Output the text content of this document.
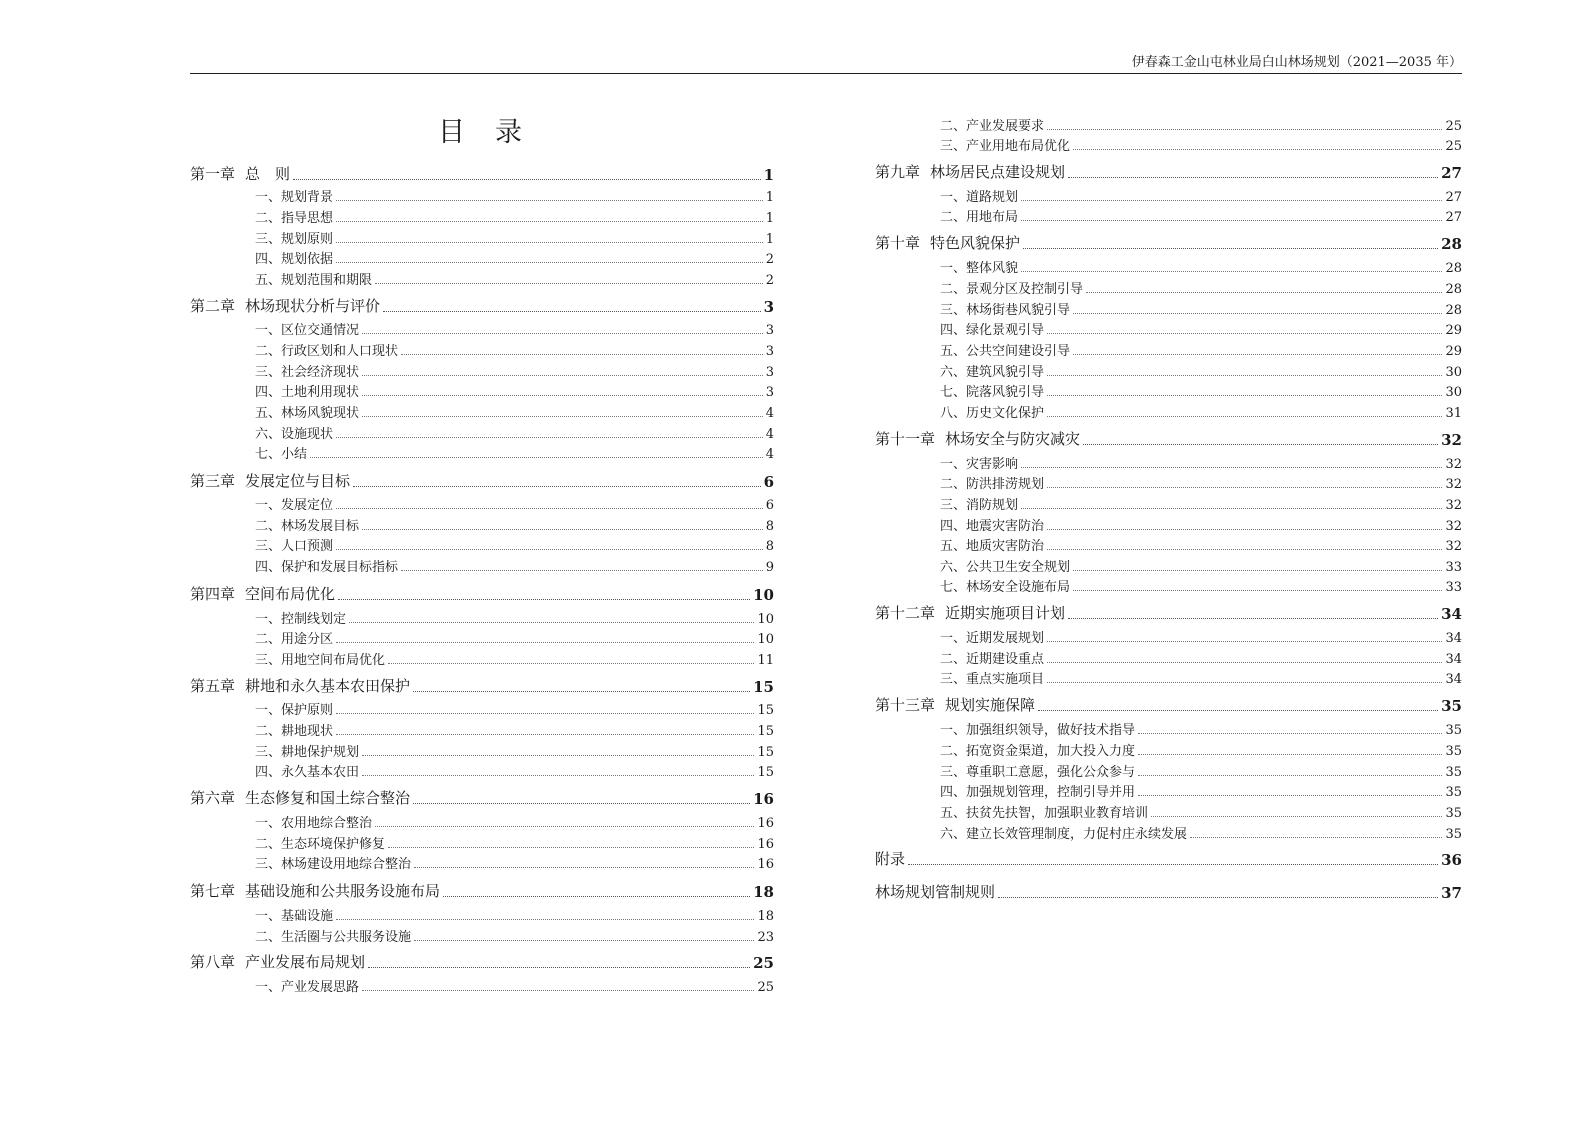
伊春森工金山屯林业局白山林场规划（2021—2035 年）
目录
第一章 总　则	1
一、规划背景	1
二、指导思想	1
三、规划原则	1
四、规划依据	2
五、规划范围和期限	2
第二章 林场现状分析与评价	3
一、区位交通情况	3
二、行政区划和人口现状	3
三、社会经济现状	3
四、土地利用现状	3
五、林场风貌现状	4
六、设施现状	4
七、小结	4
第三章 发展定位与目标	6
一、发展定位	6
二、林场发展目标	8
三、人口预测	8
四、保护和发展目标指标	9
第四章 空间布局优化	10
一、控制线划定	10
二、用途分区	10
三、用地空间布局优化	11
第五章 耕地和永久基本农田保护	15
一、保护原则	15
二、耕地现状	15
三、耕地保护规划	15
四、永久基本农田	15
第六章 生态修复和国土综合整治	16
一、农用地综合整治	16
二、生态环境保护修复	16
三、林场建设用地综合整治	16
第七章 基础设施和公共服务设施布局	18
一、基础设施	18
二、生活圈与公共服务设施	23
第八章 产业发展布局规划	25
一、产业发展思路	25
二、产业发展要求	25
三、产业用地布局优化	25
第九章 林场居民点建设规划	27
一、道路规划	27
二、用地布局	27
第十章 特色风貌保护	28
一、整体风貌	28
二、景观分区及控制引导	28
三、林场街巷风貌引导	28
四、绿化景观引导	29
五、公共空间建设引导	29
六、建筑风貌引导	30
七、院落风貌引导	30
八、历史文化保护	31
第十一章 林场安全与防灾减灾	32
一、灾害影响	32
二、防洪排涝规划	32
三、消防规划	32
四、地震灾害防治	32
五、地质灾害防治	32
六、公共卫生安全规划	33
七、林场安全设施布局	33
第十二章 近期实施项目计划	34
一、近期发展规划	34
二、近期建设重点	34
三、重点实施项目	34
第十三章 规划实施保障	35
一、加强组织领导，做好技术指导	35
二、拓宽资金渠道，加大投入力度	35
三、尊重职工意愿，强化公众参与	35
四、加强规划管理，控制引导并用	35
五、扶贫先扶智，加强职业教育培训	35
六、建立长效管理制度，力促村庄永续发展	35
附录	36
林场规划管制规则	37
